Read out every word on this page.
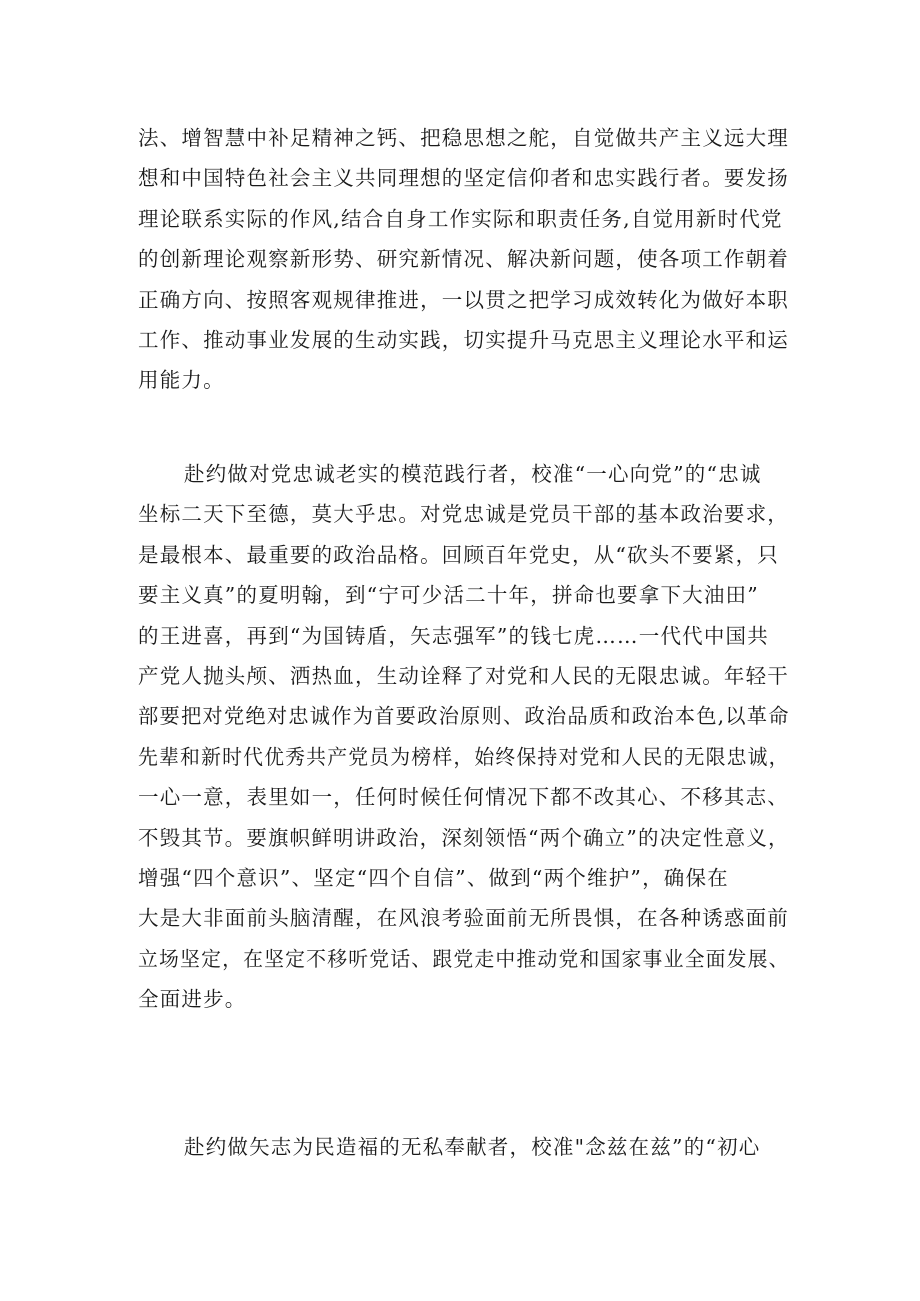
法、增智慧中补足精神之钙、把稳思想之舵，自觉做共产主义远大理
想和中国特色社会主义共同理想的坚定信仰者和忠实践行者。要发扬
理论联系实际的作风,结合自身工作实际和职责任务,自觉用新时代党
的创新理论观察新形势、研究新情况、解决新问题，使各项工作朝着
正确方向、按照客观规律推进，一以贯之把学习成效转化为做好本职
工作、推动事业发展的生动实践，切实提升马克思主义理论水平和运
用能力。
赴约做对党忠诚老实的模范践行者，校准“一心向党”的“忠诚
坐标二天下至德，莫大乎忠。对党忠诚是党员干部的基本政治要求，
是最根本、最重要的政治品格。回顾百年党史，从“砍头不要紧，只
要主义真”的夏明翰，到“宁可少活二十年，拼命也要拿下大油田”
的王进喜，再到“为国铸盾，矢志强军”的钱七虎……一代代中国共
产党人抛头颅、洒热血，生动诠释了对党和人民的无限忠诚。年轻干
部要把对党绝对忠诚作为首要政治原则、政治品质和政治本色,以革命
先辈和新时代优秀共产党员为榜样，始终保持对党和人民的无限忠诚，
一心一意，表里如一，任何时候任何情况下都不改其心、不移其志、
不毁其节。要旗帜鲜明讲政治，深刻领悟“两个确立”的决定性意义，
增强“四个意识”、坚定“四个自信”、做到“两个维护”，确保在
大是大非面前头脑清醒，在风浪考验面前无所畏惧，在各种诱惑面前
立场坚定，在坚定不移听党话、跟党走中推动党和国家事业全面发展、
全面进步。
赴约做矢志为民造福的无私奉献者，校准"念兹在兹”的“初心
